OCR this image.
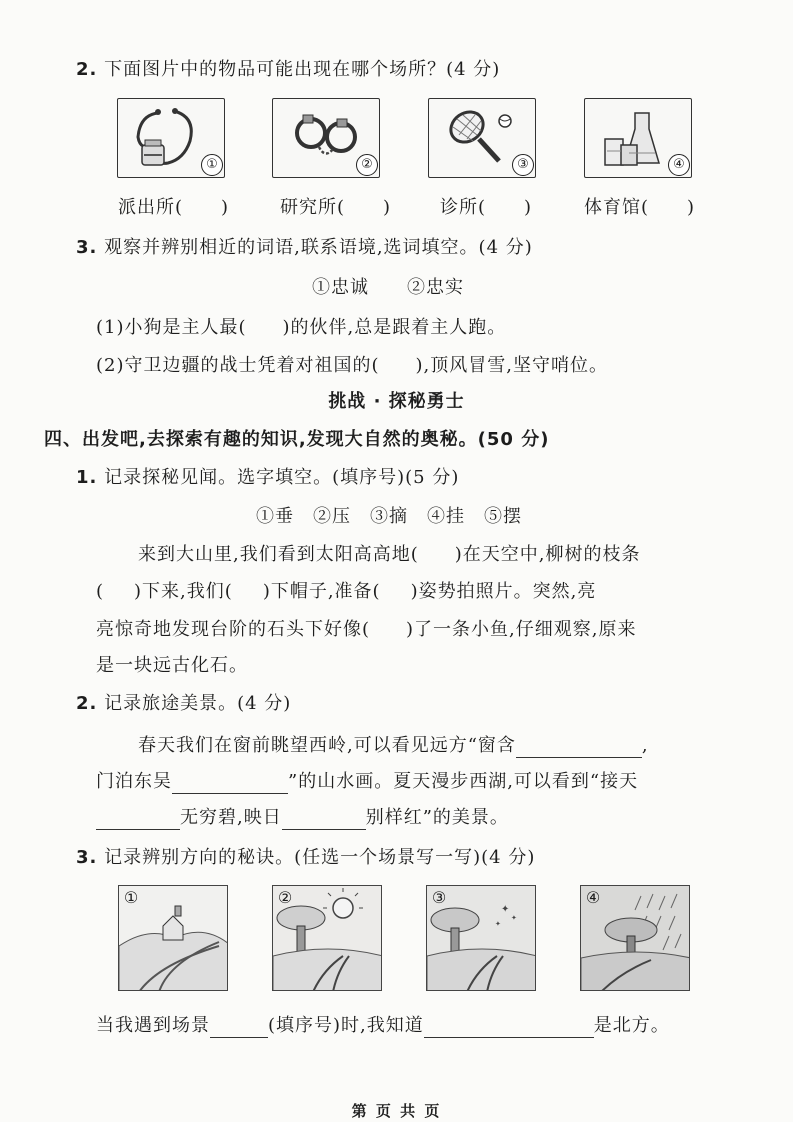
2. 下面图片中的物品可能出现在哪个场所？(4 分)
①	②	③	④
派出所( )	研究所( )	诊所( )	体育馆( )
3. 观察并辨别相近的词语,联系语境,选词填空。(4 分)
①忠诚　　②忠实
(1)小狗是主人最( )的伙伴,总是跟着主人跑。
(2)守卫边疆的战士凭着对祖国的( ),顶风冒雪,坚守哨位。
挑战 · 探秘勇士
四、出发吧,去探索有趣的知识,发现大自然的奥秘。(50 分)
1. 记录探秘见闻。选字填空。(填序号)(5 分)
①垂　②压　③摘　④挂　⑤摆
来到大山里,我们看到太阳高高地( )在天空中,柳树的枝条
( )下来,我们( )下帽子,准备( )姿势拍照片。突然,亮
亮惊奇地发现台阶的石头下好像( )了一条小鱼,仔细观察,原来
是一块远古化石。
2. 记录旅途美景。(4 分)
春天我们在窗前眺望西岭,可以看见远方“窗含	,
门泊东吴	”的山水画。夏天漫步西湖,可以看到“接天
无穷碧,映日	别样红”的美景。
3. 记录辨别方向的秘诀。(任选一个场景写一写)(4 分)
①	②
✦
✦
✦
③	④
当我遇到场景	(填序号)时,我知道	是北方。
第 页 共 页
